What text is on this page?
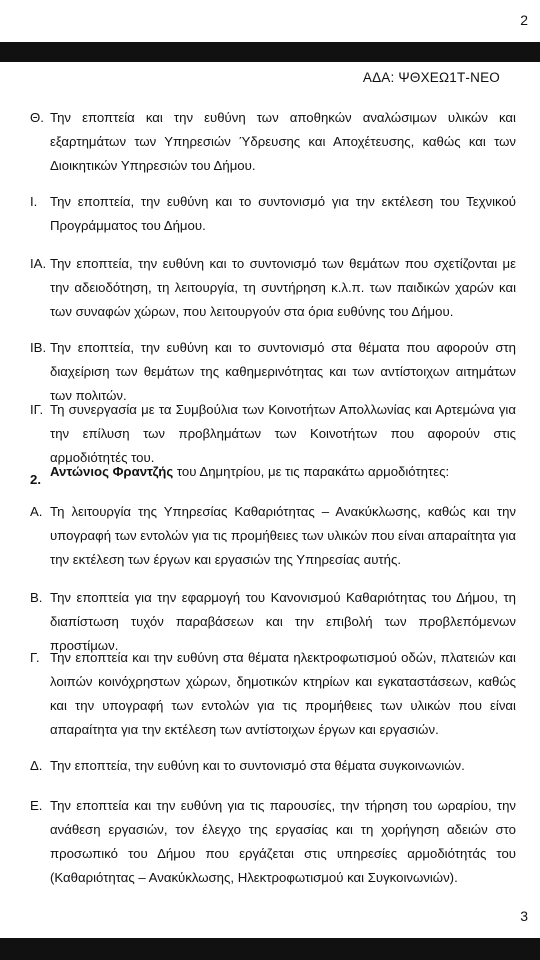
2
ΑΔΑ: ΨΘΧΕΩ1Τ-ΝΕΟ
Θ. Την εποπτεία και την ευθύνη των αποθηκών αναλώσιμων υλικών και εξαρτημάτων των Υπηρεσιών Ύδρευσης και Αποχέτευσης, καθώς και των Διοικητικών Υπηρεσιών του Δήμου.
Ι. Την εποπτεία, την ευθύνη και το συντονισμό για την εκτέλεση του Τεχνικού Προγράμματος του Δήμου.
ΙΑ. Την εποπτεία, την ευθύνη και το συντονισμό των θεμάτων που σχετίζονται με την αδειοδότηση, τη λειτουργία, τη συντήρηση κ.λ.π. των παιδικών χαρών και των συναφών χώρων, που λειτουργούν στα όρια ευθύνης του Δήμου.
ΙΒ. Την εποπτεία, την ευθύνη και το συντονισμό στα θέματα που αφορούν στη διαχείριση των θεμάτων της καθημερινότητας και των αντίστοιχων αιτημάτων των πολιτών.
ΙΓ. Τη συνεργασία με τα Συμβούλια των Κοινοτήτων Απολλωνίας και Αρτεμώνα για την επίλυση των προβλημάτων των Κοινοτήτων που αφορούν στις αρμοδιότητές του.
2.
Αντώνιος Φραντζής του Δημητρίου, με τις παρακάτω αρμοδιότητες:
Α. Τη λειτουργία της Υπηρεσίας Καθαριότητας – Ανακύκλωσης, καθώς και την υπογραφή των εντολών για τις προμήθειες των υλικών που είναι απαραίτητα για την εκτέλεση των έργων και εργασιών της Υπηρεσίας αυτής.
Β. Την εποπτεία για την εφαρμογή του Κανονισμού Καθαριότητας του Δήμου, τη διαπίστωση τυχόν παραβάσεων και την επιβολή των προβλεπόμενων προστίμων.
Γ. Την εποπτεία και την ευθύνη στα θέματα ηλεκτροφωτισμού οδών, πλατειών και λοιπών κοινόχρηστων χώρων, δημοτικών κτηρίων και εγκαταστάσεων, καθώς και την υπογραφή των εντολών για τις προμήθειες των υλικών που είναι απαραίτητα για την εκτέλεση των αντίστοιχων έργων και εργασιών.
Δ. Την εποπτεία, την ευθύνη και το συντονισμό στα θέματα συγκοινωνιών.
Ε. Την εποπτεία και την ευθύνη για τις παρουσίες, την τήρηση του ωραρίου, την ανάθεση εργασιών, τον έλεγχο της εργασίας και τη χορήγηση αδειών στο προσωπικό του Δήμου που εργάζεται στις υπηρεσίες αρμοδιότητάς του (Καθαριότητας – Ανακύκλωσης, Ηλεκτροφωτισμού και Συγκοινωνιών).
3
